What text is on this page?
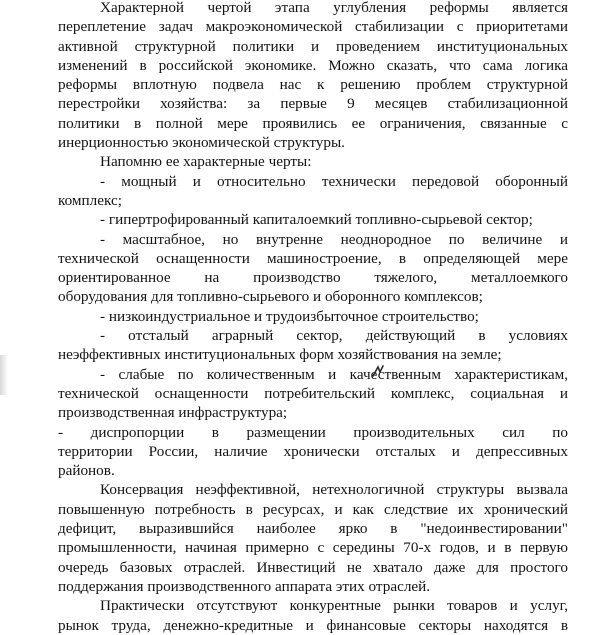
Характерной чертой этапа углубления реформы является
переплетение задач макроэкономической стабилизации с приоритетами
активной структурной политики и проведением институциональных
изменений в российской экономике. Можно сказать, что сама логика
реформы вплотную подвела нас к решению проблем структурной
перестройки хозяйства: за первые 9 месяцев стабилизационной
политики в полной мере проявились ее ограничения, связанные с
инерционностью экономической структуры.
Напомню ее характерные черты:
- мощный и относительно технически передовой оборонный
комплекс;
- гипертрофированный капиталоемкий топливно-сырьевой сектор;
- масштабное, но внутренне неоднородное по величине и
технической оснащенности машиностроение, в определяющей мере
ориентированное на производство тяжелого, металлоемкого
оборудования для топливно-сырьевого и оборонного комплексов;
- низкоиндустриальное и трудоизбыточное строительство;
- отсталый аграрный сектор, действующий в условиях
неэффективных институциональных форм хозяйствования на земле;
- слабые по количественным и качественным характеристикам,
технической оснащенности потребительский комплекс, социальная и
производственная инфраструктура;
- диспропорции в размещении производительных сил по
территории России, наличие хронически отсталых и депрессивных
районов.
Консервация неэффективной, нетехнологичной структуры вызвала
повышенную потребность в ресурсах, и как следствие их хронический
дефицит, выразившийся наиболее ярко в "недоинвестировании"
промышленности, начиная примерно с середины 70-х годов, и в первую
очередь базовых отраслей. Инвестиций не хватало даже для простого
поддержания производственного аппарата этих отраслей.
Практически отсутствуют конкурентные рынки товаров и услуг,
рынок труда, денежно-кредитные и финансовые секторы находятся в
